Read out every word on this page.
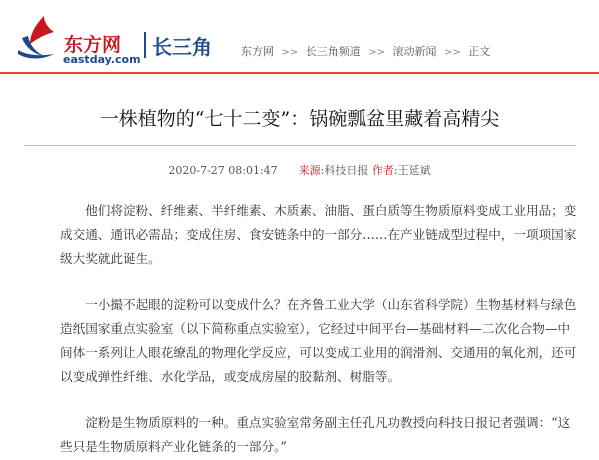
东方网
eastday.com
长三角	东方网 >> 长三角频道 >> 滚动新闻 >> 正文
一株植物的“七十二变”：锅碗瓢盆里藏着高精尖
2020-7-27 08:01:47 来源:科技日报 作者:王延斌

他们将淀粉、纤维素、半纤维素、木质素、油脂、蛋白质等生物质原料变成工业用品；变成交通、通讯必需品；变成住房、食安链条中的一部分……在产业链成型过程中，一项项国家级大奖就此诞生。

一小撮不起眼的淀粉可以变成什么？在齐鲁工业大学（山东省科学院）生物基材料与绿色造纸国家重点实验室（以下简称重点实验室），它经过中间平台—基础材料—二次化合物—中间体一系列让人眼花缭乱的物理化学反应，可以变成工业用的润滑剂、交通用的氧化剂，还可以变成弹性纤维、水化学品，或变成房屋的胶黏剂、树脂等。

淀粉是生物质原料的一种。重点实验室常务副主任孔凡功教授向科技日报记者强调：“这些只是生物质原料产业化链条的一部分。”
